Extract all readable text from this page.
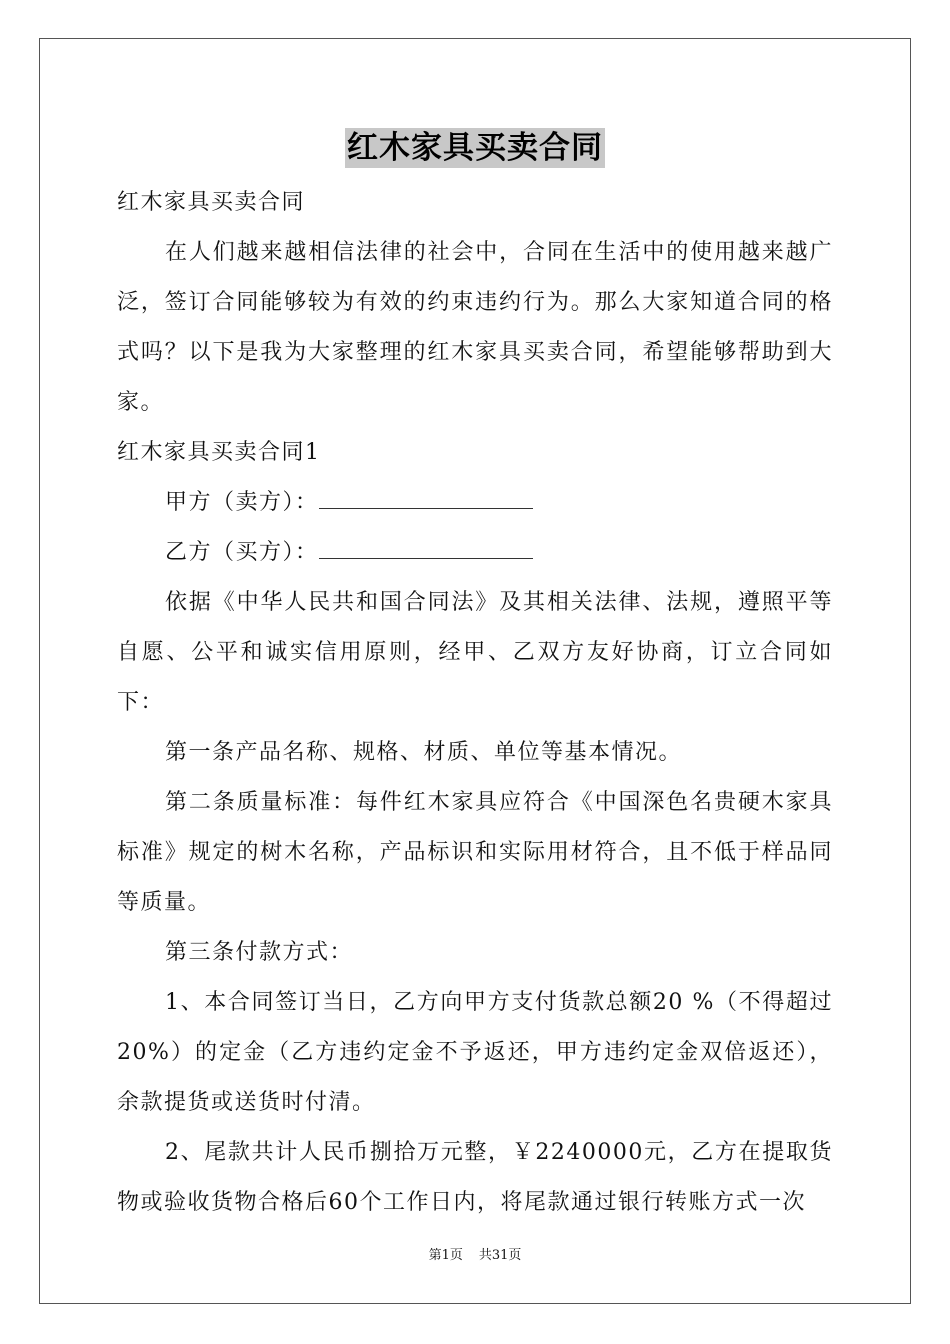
红木家具买卖合同

红木家具买卖合同

在人们越来越相信法律的社会中，合同在生活中的使用越来越广泛，签订合同能够较为有效的约束违约行为。那么大家知道合同的格式吗？以下是我为大家整理的红木家具买卖合同，希望能够帮助到大家。

红木家具买卖合同1

甲方（卖方）：

乙方（买方）：

依据《中华人民共和国合同法》及其相关法律、法规，遵照平等自愿、公平和诚实信用原则，经甲、乙双方友好协商，订立合同如下：

第一条产品名称、规格、材质、单位等基本情况。

第二条质量标准：每件红木家具应符合《中国深色名贵硬木家具标准》规定的树木名称，产品标识和实际用材符合，且不低于样品同等质量。

第三条付款方式：

1、本合同签订当日，乙方向甲方支付货款总额20 %（不得超过20%）的定金（乙方违约定金不予返还，甲方违约定金双倍返还），余款提货或送货时付清。

2、尾款共计人民币捌拾万元整，￥2240000元，乙方在提取货物或验收货物合格后60个工作日内，将尾款通过银行转账方式一次

第1页 共31页
